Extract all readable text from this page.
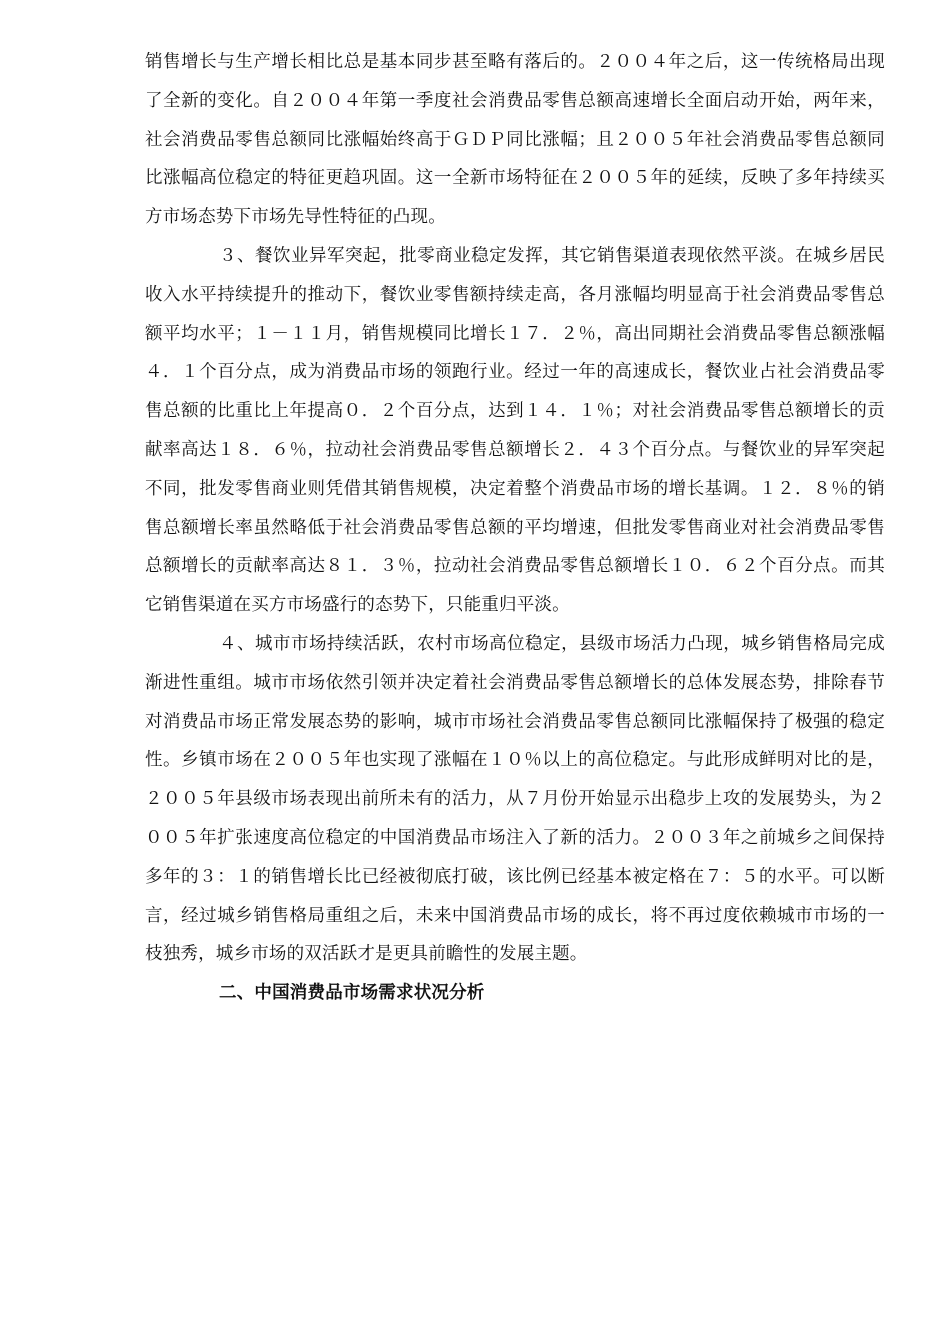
销售增长与生产增长相比总是基本同步甚至略有落后的。２００４年之后，这一传统格局出现了全新的变化。自２００４年第一季度社会消费品零售总额高速增长全面启动开始，两年来，社会消费品零售总额同比涨幅始终高于ＧＤＰ同比涨幅；且２００５年社会消费品零售总额同比涨幅高位稳定的特征更趋巩固。这一全新市场特征在２００５年的延续，反映了多年持续买方市场态势下市场先导性特征的凸现。

３、餐饮业异军突起，批零商业稳定发挥，其它销售渠道表现依然平淡。在城乡居民收入水平持续提升的推动下，餐饮业零售额持续走高，各月涨幅均明显高于社会消费品零售总额平均水平；１－１１月，销售规模同比增长１７．２％，高出同期社会消费品零售总额涨幅４．１个百分点，成为消费品市场的领跑行业。经过一年的高速成长，餐饮业占社会消费品零售总额的比重比上年提高０．２个百分点，达到１４．１％；对社会消费品零售总额增长的贡献率高达１８．６％，拉动社会消费品零售总额增长２．４３个百分点。与餐饮业的异军突起不同，批发零售商业则凭借其销售规模，决定着整个消费品市场的增长基调。１２．８％的销售总额增长率虽然略低于社会消费品零售总额的平均增速，但批发零售商业对社会消费品零售总额增长的贡献率高达８１．３％，拉动社会消费品零售总额增长１０．６２个百分点。而其它销售渠道在买方市场盛行的态势下，只能重归平淡。

４、城市市场持续活跃，农村市场高位稳定，县级市场活力凸现，城乡销售格局完成渐进性重组。城市市场依然引领并决定着社会消费品零售总额增长的总体发展态势，排除春节对消费品市场正常发展态势的影响，城市市场社会消费品零售总额同比涨幅保持了极强的稳定性。乡镇市场在２００５年也实现了涨幅在１０％以上的高位稳定。与此形成鲜明对比的是，２００５年县级市场表现出前所未有的活力，从７月份开始显示出稳步上攻的发展势头，为２００５年扩张速度高位稳定的中国消费品市场注入了新的活力。２００３年之前城乡之间保持多年的３：１的销售增长比已经被彻底打破，该比例已经基本被定格在７：５的水平。可以断言，经过城乡销售格局重组之后，未来中国消费品市场的成长，将不再过度依赖城市市场的一枝独秀，城乡市场的双活跃才是更具前瞻性的发展主题。

二、中国消费品市场需求状况分析
